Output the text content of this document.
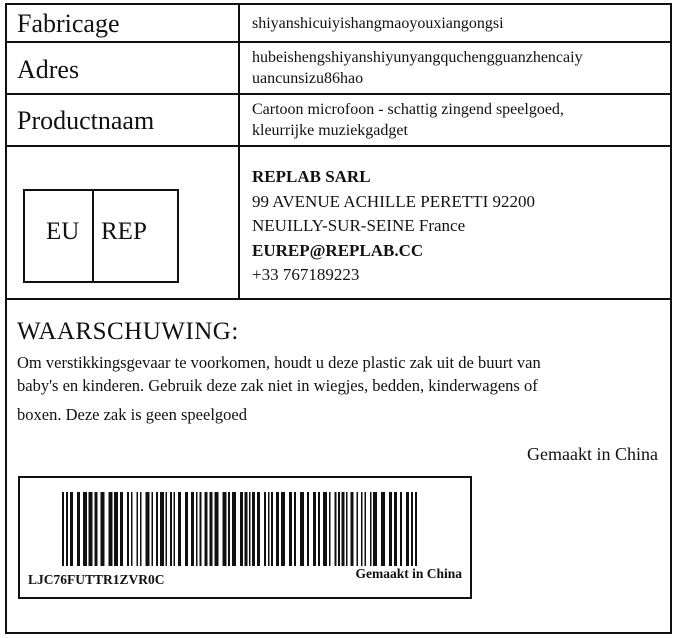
Fabricage	shiyanshicuiyishangmaoyouxiangongsi
Adres	hubeishengshiyanshiyunyangquchengguanzhencaiy
uancunsizu86hao
Productnaam	Cartoon microfoon - schattig zingend speelgoed,
kleurrijke muziekgadget
EU REP
REPLAB SARL
99 AVENUE ACHILLE PERETTI 92200
NEUILLY-SUR-SEINE France
EUREP@REPLAB.CC
+33 767189223
WAARSCHUWING:
Om verstikkingsgevaar te voorkomen, houdt u deze plastic zak uit de buurt van
baby's en kinderen. Gebruik deze zak niet in wiegjes, bedden, kinderwagens of
boxen. Deze zak is geen speelgoed
Gemaakt in China
LJC76FUTTR1ZVR0C	Gemaakt in China
